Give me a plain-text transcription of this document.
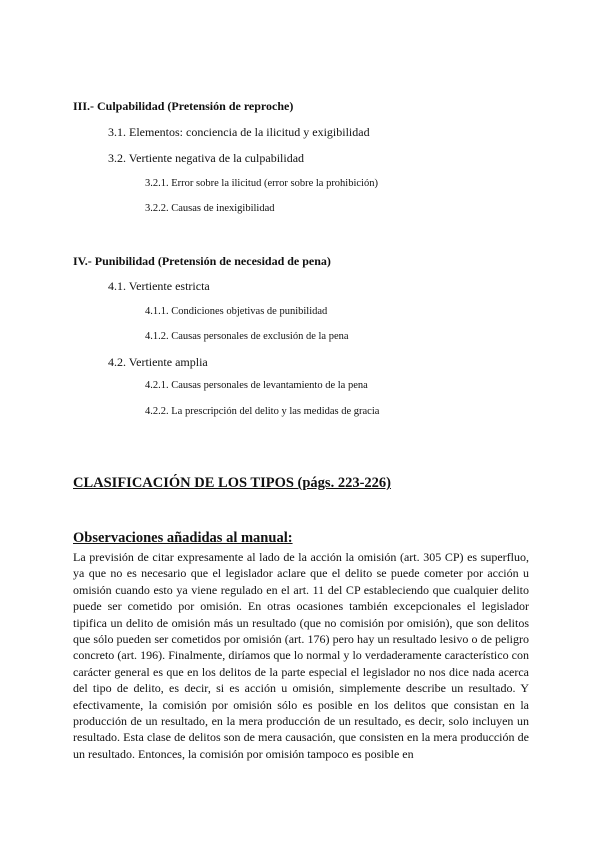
III.- Culpabilidad (Pretensión de reproche)
3.1. Elementos: conciencia de la ilicitud y exigibilidad
3.2. Vertiente negativa de la culpabilidad
3.2.1. Error sobre la ilicitud (error sobre la prohibición)
3.2.2. Causas de inexigibilidad
IV.- Punibilidad (Pretensión de necesidad de pena)
4.1. Vertiente estricta
4.1.1. Condiciones objetivas de punibilidad
4.1.2. Causas personales de exclusión de la pena
4.2. Vertiente amplia
4.2.1. Causas personales de levantamiento de la pena
4.2.2. La prescripción del delito y las medidas de gracia
CLASIFICACIÓN DE LOS TIPOS (págs. 223-226)
Observaciones añadidas al manual:

La previsión de citar expresamente al lado de la acción la omisión (art. 305 CP) es superfluo, ya que no es necesario que el legislador aclare que el delito se puede cometer por acción u omisión cuando esto ya viene regulado en el art. 11 del CP estableciendo que cualquier delito puede ser cometido por omisión. En otras ocasiones también excepcionales el legislador tipifica un delito de omisión más un resultado (que no comisión por omisión), que son delitos que sólo pueden ser cometidos por omisión (art. 176) pero hay un resultado lesivo o de peligro concreto (art. 196). Finalmente, diríamos que lo normal y lo verdaderamente característico con carácter general es que en los delitos de la parte especial el legislador no nos dice nada acerca del tipo de delito, es decir, si es acción u omisión, simplemente describe un resultado. Y efectivamente, la comisión por omisión sólo es posible en los delitos que consistan en la producción de un resultado, en la mera producción de un resultado, es decir, solo incluyen un resultado. Esta clase de delitos son de mera causación, que consisten en la mera producción de un resultado. Entonces, la comisión por omisión tampoco es posible en
